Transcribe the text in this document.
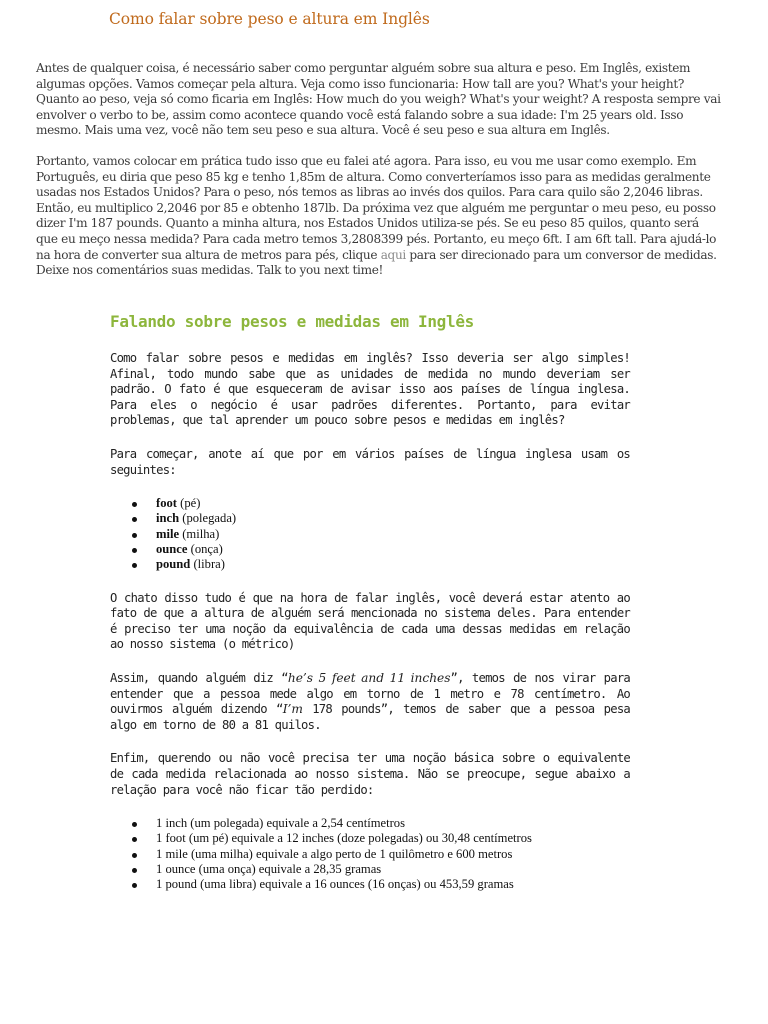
Como falar sobre peso e altura em Inglês

Antes de qualquer coisa, é necessário saber como perguntar alguém sobre sua altura e peso. Em Inglês, existem algumas opções. Vamos começar pela altura. Veja como isso funcionaria: How tall are you? What's your height? Quanto ao peso, veja só como ficaria em Inglês: How much do you weigh? What's your weight? A resposta sempre vai envolver o verbo to be, assim como acontece quando você está falando sobre a sua idade: I'm 25 years old. Isso mesmo. Mais uma vez, você não tem seu peso e sua altura. Você é seu peso e sua altura em Inglês.

Portanto, vamos colocar em prática tudo isso que eu falei até agora. Para isso, eu vou me usar como exemplo. Em Português, eu diria que peso 85 kg e tenho 1,85m de altura. Como converteríamos isso para as medidas geralmente usadas nos Estados Unidos? Para o peso, nós temos as libras ao invés dos quilos. Para cara quilo são 2,2046 libras. Então, eu multiplico 2,2046 por 85 e obtenho 187lb. Da próxima vez que alguém me perguntar o meu peso, eu posso dizer I'm 187 pounds. Quanto a minha altura, nos Estados Unidos utiliza-se pés. Se eu peso 85 quilos, quanto será que eu meço nessa medida? Para cada metro temos 3,2808399 pés. Portanto, eu meço 6ft. I am 6ft tall. Para ajudá-lo na hora de converter sua altura de metros para pés, clique aqui para ser direcionado para um conversor de medidas. Deixe nos comentários suas medidas. Talk to you next time!

Falando sobre pesos e medidas em Inglês

Como falar sobre pesos e medidas em inglês? Isso deveria ser algo simples! Afinal, todo mundo sabe que as unidades de medida no mundo deveriam ser padrão. O fato é que esqueceram de avisar isso aos países de língua inglesa. Para eles o negócio é usar padrões diferentes. Portanto, para evitar problemas, que tal aprender um pouco sobre pesos e medidas em inglês?

Para começar, anote aí que por em vários países de língua inglesa usam os seguintes:

foot (pé)
inch (polegada)
mile (milha)
ounce (onça)
pound (libra)

O chato disso tudo é que na hora de falar inglês, você deverá estar atento ao fato de que a altura de alguém será mencionada no sistema deles. Para entender é preciso ter uma noção da equivalência de cada uma dessas medidas em relação ao nosso sistema (o métrico)

Assim, quando alguém diz “he’s 5 feet and 11 inches”, temos de nos virar para entender que a pessoa mede algo em torno de 1 metro e 78 centímetro. Ao ouvirmos alguém dizendo “I’m 178 pounds”, temos de saber que a pessoa pesa algo em torno de 80 a 81 quilos.

Enfim, querendo ou não você precisa ter uma noção básica sobre o equivalente de cada medida relacionada ao nosso sistema. Não se preocupe, segue abaixo a relação para você não ficar tão perdido:

1 inch (um polegada) equivale a 2,54 centímetros
1 foot (um pé) equivale a 12 inches (doze polegadas) ou 30,48 centímetros
1 mile (uma milha) equivale a algo perto de 1 quilômetro e 600 metros
1 ounce (uma onça) equivale a 28,35 gramas
1 pound (uma libra) equivale a 16 ounces (16 onças) ou 453,59 gramas
